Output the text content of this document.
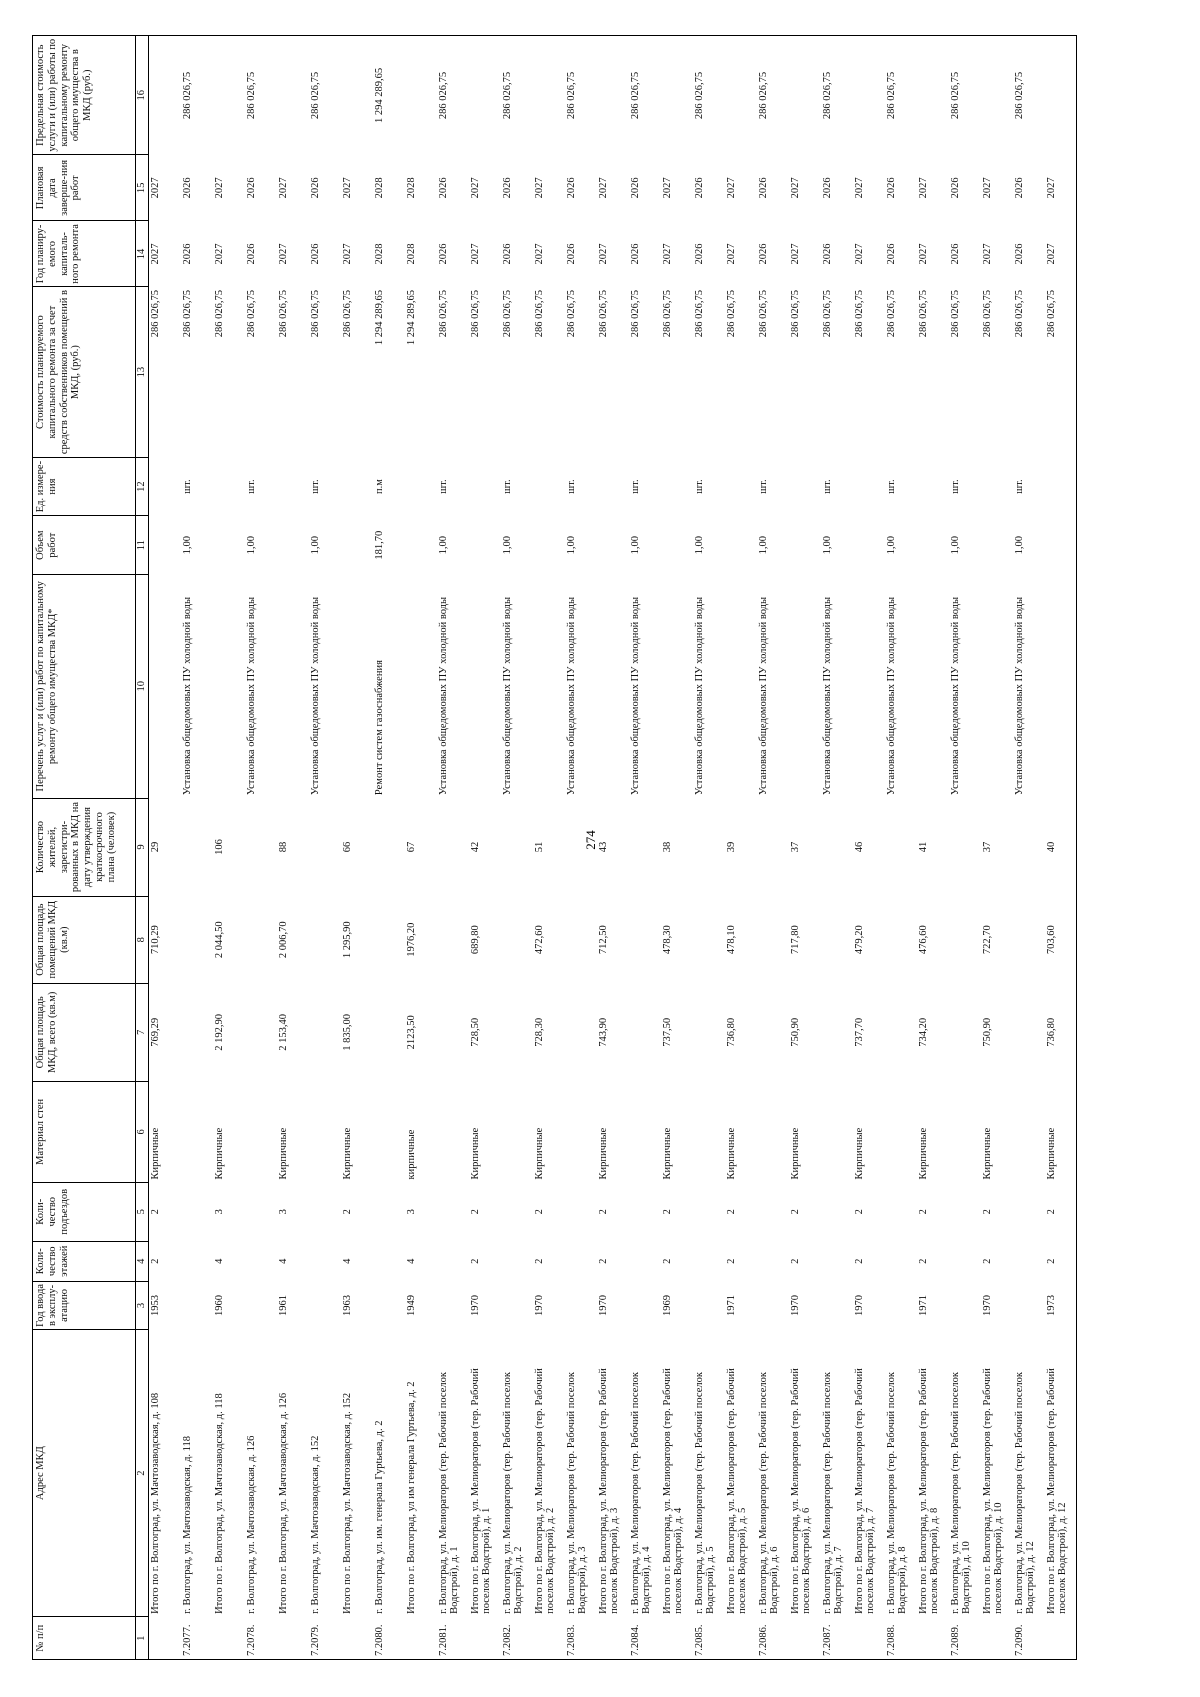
274
№ п/п	Адрес МКД	Год ввода в эксплу-атацию	Коли-чество этажей	Коли-чество подъездов	Материал стен	Общая площадь МКД, всего (кв.м)	Общая площадь помещений МКД (кв.м)	Количество жителей, зарегистри-рованных в МКД на дату утверждения краткосрочного плана (человек)	Перечень услуг и (или) работ по капитальному ремонту общего имущества МКД*	Объем работ	Ед. измере-ния	Стоимость планируемого капитального ремонта за счет средств собственников помещений в МКД, (руб.)	Год планиру-емого капиталь-ного ремонта	Плановая дата заверше-ния работ	Предельная стоимость услуги и (или) работы по капитальному ремонту общего имущества в МКД (руб.)
1	2	3	4	5	6	7	8	9	10	11	12	13	14	15	16
	Итого по г. Волгоград, ул. Мачтозаводская, д. 108	1953	2	2	Кирпичные	769,29	710,29	29				286 026,75	2027	2027	
7.2077.	г. Волгоград, ул. Мачтозаводская, д. 118								Установка общедомовых ПУ холодной воды	1,00	шт.	286 026,75	2026	2026	286 026,75
	Итого по г. Волгоград, ул. Мачтозаводская, д. 118	1960	4	3	Кирпичные	2 192,90	2 044,50	106				286 026,75	2027	2027	
7.2078.	г. Волгоград, ул. Мачтозаводская, д. 126								Установка общедомовых ПУ холодной воды	1,00	шт.	286 026,75	2026	2026	286 026,75
	Итого по г. Волгоград, ул. Мачтозаводская, д. 126	1961	4	3	Кирпичные	2 153,40	2 006,70	88				286 026,75	2027	2027	
7.2079.	г. Волгоград, ул. Мачтозаводская, д. 152								Установка общедомовых ПУ холодной воды	1,00	шт.	286 026,75	2026	2026	286 026,75
	Итого по г. Волгоград, ул. Мачтозаводская, д. 152	1963	4	2	Кирпичные	1 835,00	1 295,90	66				286 026,75	2027	2027	
7.2080.	г. Волгоград, ул. им. генерала Гурtьева, д. 2								Ремонт систем газоснабжения	181,70	п.м	1 294 289,65	2028	2028	1 294 289,65
	Итого по г. Волгоград, ул им генерала Гуртьева, д. 2	1949	4	3	кирпичные	2123,50	1976,20	67				1 294 289,65	2028	2028	
7.2081.	г. Волгоград, ул. Мелиораторов (тер. Рабочий поселок Водстрой), д. 1								Установка общедомовых ПУ холодной воды	1,00	шт.	286 026,75	2026	2026	286 026,75
	Итого по г. Волгоград, ул. Мелиораторов (тер. Рабочий поселок Водстрой), д. 1	1970	2	2	Кирпичные	728,50	689,80	42				286 026,75	2027	2027	
7.2082.	г. Волгоград, ул. Мелиораторов (тер. Рабочий поселок Водстрой), д. 2								Установка общедомовых ПУ холодной воды	1,00	шт.	286 026,75	2026	2026	286 026,75
	Итого по г. Волгоград, ул. Мелиораторов (тер. Рабочий поселок Водстрой), д. 2	1970	2	2	Кирпичные	728,30	472,60	51				286 026,75	2027	2027	
7.2083.	г. Волгоград, ул. Мелиораторов (тер. Рабочий поселок Водстрой), д. 3								Установка общедомовых ПУ холодной воды	1,00	шт.	286 026,75	2026	2026	286 026,75
	Итого по г. Волгоград, ул. Мелиораторов (тер. Рабочий поселок Водстрой), д. 3	1970	2	2	Кирпичные	743,90	712,50	43				286 026,75	2027	2027	
7.2084.	г. Волгоград, ул. Мелиораторов (тер. Рабочий поселок Водстрой), д. 4								Установка общедомовых ПУ холодной воды	1,00	шт.	286 026,75	2026	2026	286 026,75
	Итого по г. Волгоград, ул. Мелиораторов (тер. Рабочий поселок Водстрой), д. 4	1969	2	2	Кирпичные	737,50	478,30	38				286 026,75	2027	2027	
7.2085.	г. Волгоград, ул. Мелиораторов (тер. Рабочий поселок Водстрой), д. 5								Установка общедомовых ПУ холодной воды	1,00	шт.	286 026,75	2026	2026	286 026,75
	Итого по г. Волгоград, ул. Мелиораторов (тер. Рабочий поселок Водстрой), д. 5	1971	2	2	Кирпичные	736,80	478,10	39				286 026,75	2027	2027	
7.2086.	г. Волгоград, ул. Мелиораторов (тер. Рабочий поселок Водстрой), д. 6								Установка общедомовых ПУ холодной воды	1,00	шт.	286 026,75	2026	2026	286 026,75
	Итого по г. Волгоград, ул. Мелиораторов (тер. Рабочий поселок Водстрой), д. 6	1970	2	2	Кирпичные	750,90	717,80	37				286 026,75	2027	2027	
7.2087.	г. Волгоград, ул. Мелиораторов (тер. Рабочий поселок Водстрой), д. 7								Установка общедомовых ПУ холодной воды	1,00	шт.	286 026,75	2026	2026	286 026,75
	Итого по г. Волгоград, ул. Мелиораторов (тер. Рабочий поселок Водстрой), д. 7	1970	2	2	Кирпичные	737,70	479,20	46				286 026,75	2027	2027	
7.2088.	г. Волгоград, ул. Мелиораторов (тер. Рабочий поселок Водстрой), д. 8								Установка общедомовых ПУ холодной воды	1,00	шт.	286 026,75	2026	2026	286 026,75
	Итого по г. Волгоград, ул. Мелиораторов (тер. Рабочий поселок Водстрой), д. 8	1971	2	2	Кирпичные	734,20	476,60	41				286 026,75	2027	2027	
7.2089.	г. Волгоград, ул. Мелиораторов (тер. Рабочий поселок Водстрой), д. 10								Установка общедомовых ПУ холодной воды	1,00	шт.	286 026,75	2026	2026	286 026,75
	Итого по г. Волгоград, ул. Мелиораторов (тер. Рабочий поселок Водстрой), д. 10	1970	2	2	Кирпичные	750,90	722,70	37				286 026,75	2027	2027	
7.2090.	г. Волгоград, ул. Мелиораторов (тер. Рабочий поселок Водстрой), д. 12								Установка общедомовых ПУ холодной воды	1,00	шт.	286 026,75	2026	2026	286 026,75
	Итого по г. Волгоград, ул. Мелиораторов (тер. Рабочий поселок Водстрой), д. 12	1973	2	2	Кирпичные	736,80	703,60	40				286 026,75	2027	2027	
